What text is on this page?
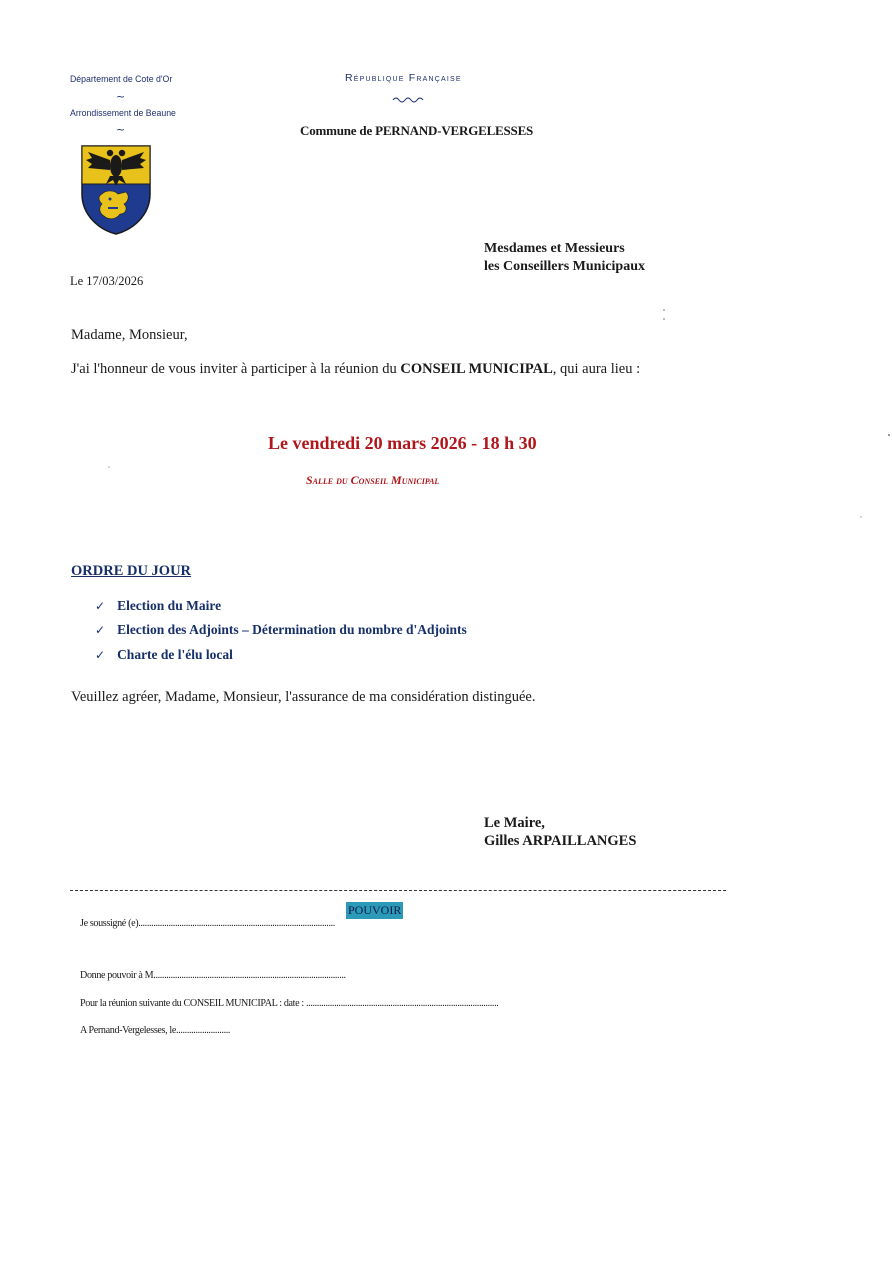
Département de Cote d'Or
~
Arrondissement de Beaune
~
République Française
Commune de PERNAND-VERGELESSES
Mesdames et Messieurs
les Conseillers Municipaux
Le 17/03/2026
Madame, Monsieur,
J'ai l'honneur de vous inviter à participer à la réunion du CONSEIL MUNICIPAL, qui aura lieu :
Le vendredi 20 mars 2026 - 18 h 30
Salle du Conseil Municipal
ORDRE DU JOUR
✓ Election du Maire
✓ Election des Adjoints – Détermination du nombre d'Adjoints
✓ Charte de l'élu local
Veuillez agréer, Madame, Monsieur, l'assurance de ma considération distinguée.
Le Maire,
Gilles ARPAILLANGES
POUVOIR
Je soussigné (e)...........................................................................................
Donne pouvoir à M.........................................................................................
Pour la réunion suivante du CONSEIL MUNICIPAL : date : .........................................................................................
A Pernand-Vergelesses, le.........................
